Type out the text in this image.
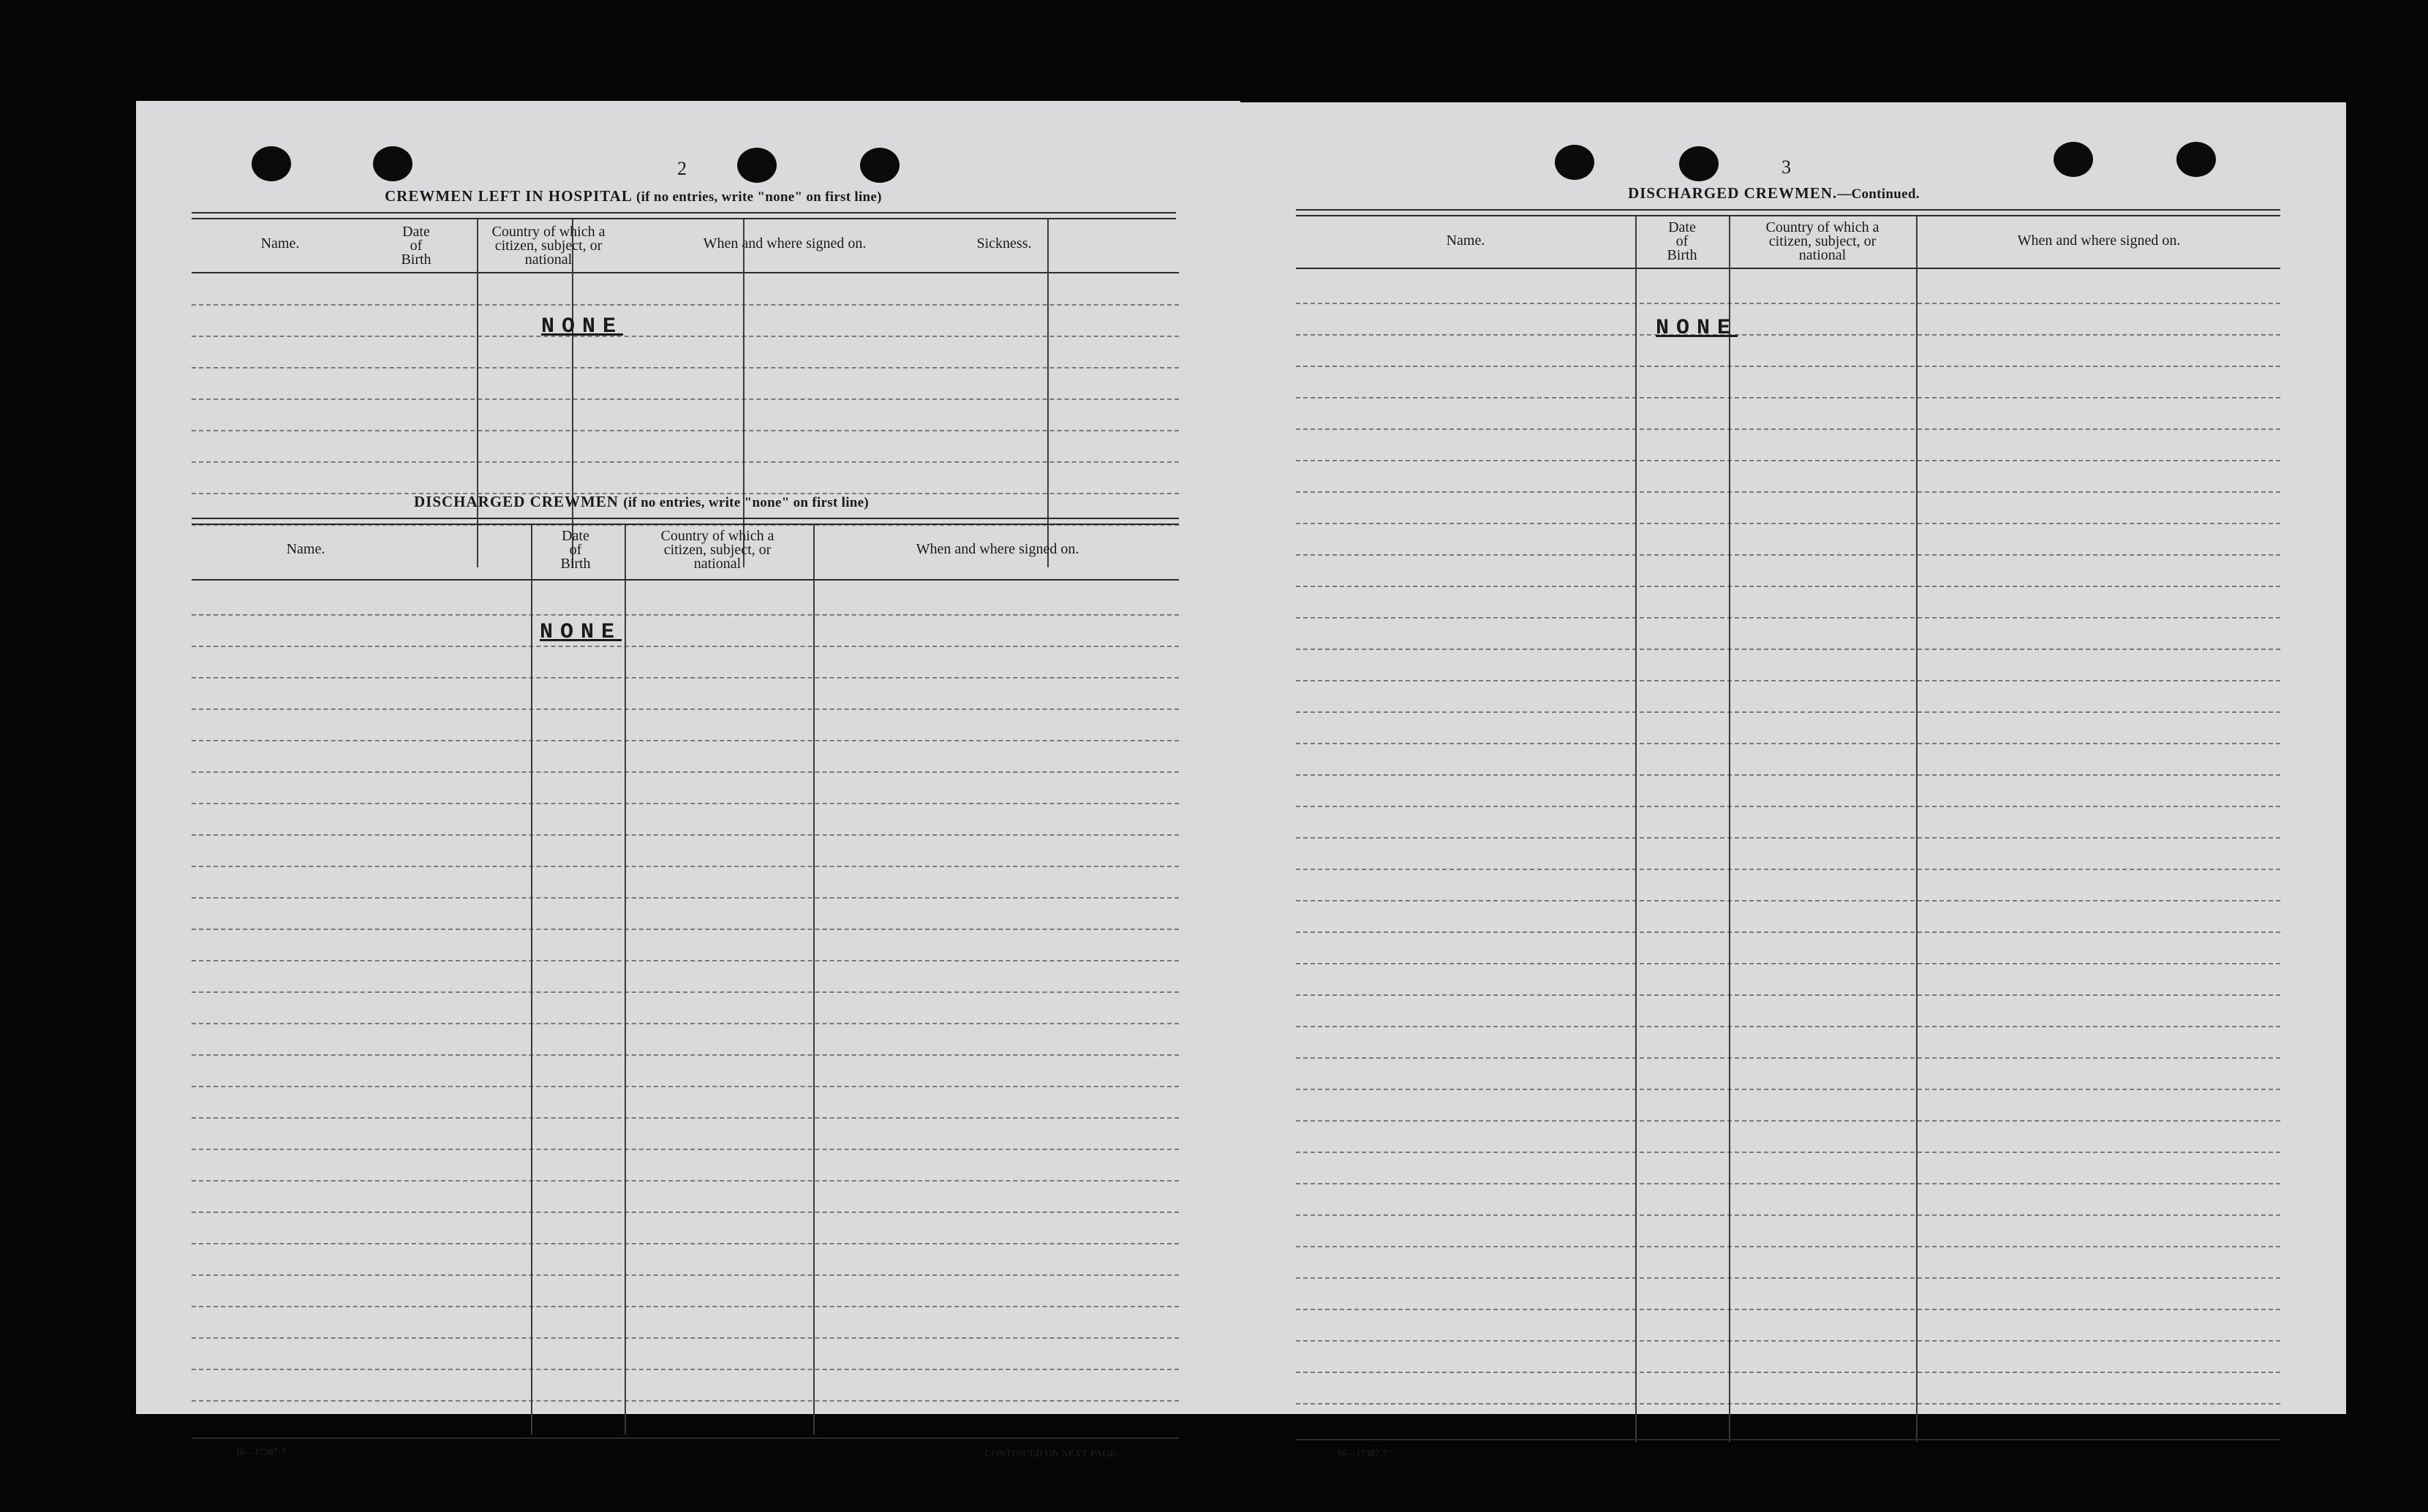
2
CREWMEN LEFT IN HOSPITAL (if no entries, write "none" on first line)
Name.
Date
of
Birth
Country of which a
citizen, subject, or
national
When and where signed on.	Sickness.
NONE
DISCHARGED CREWMEN (if no entries, write "none" on first line)
Name.
Date
of
Birth
Country of which a
citizen, subject, or
national
When and where signed on.
NONE
16—17387-7	CONTINUED ON NEXT PAGE.
3
DISCHARGED CREWMEN.—Continued.
Name.
Date
of
Birth
Country of which a
citizen, subject, or
national
When and where signed on.
NONE
16—17387-7
